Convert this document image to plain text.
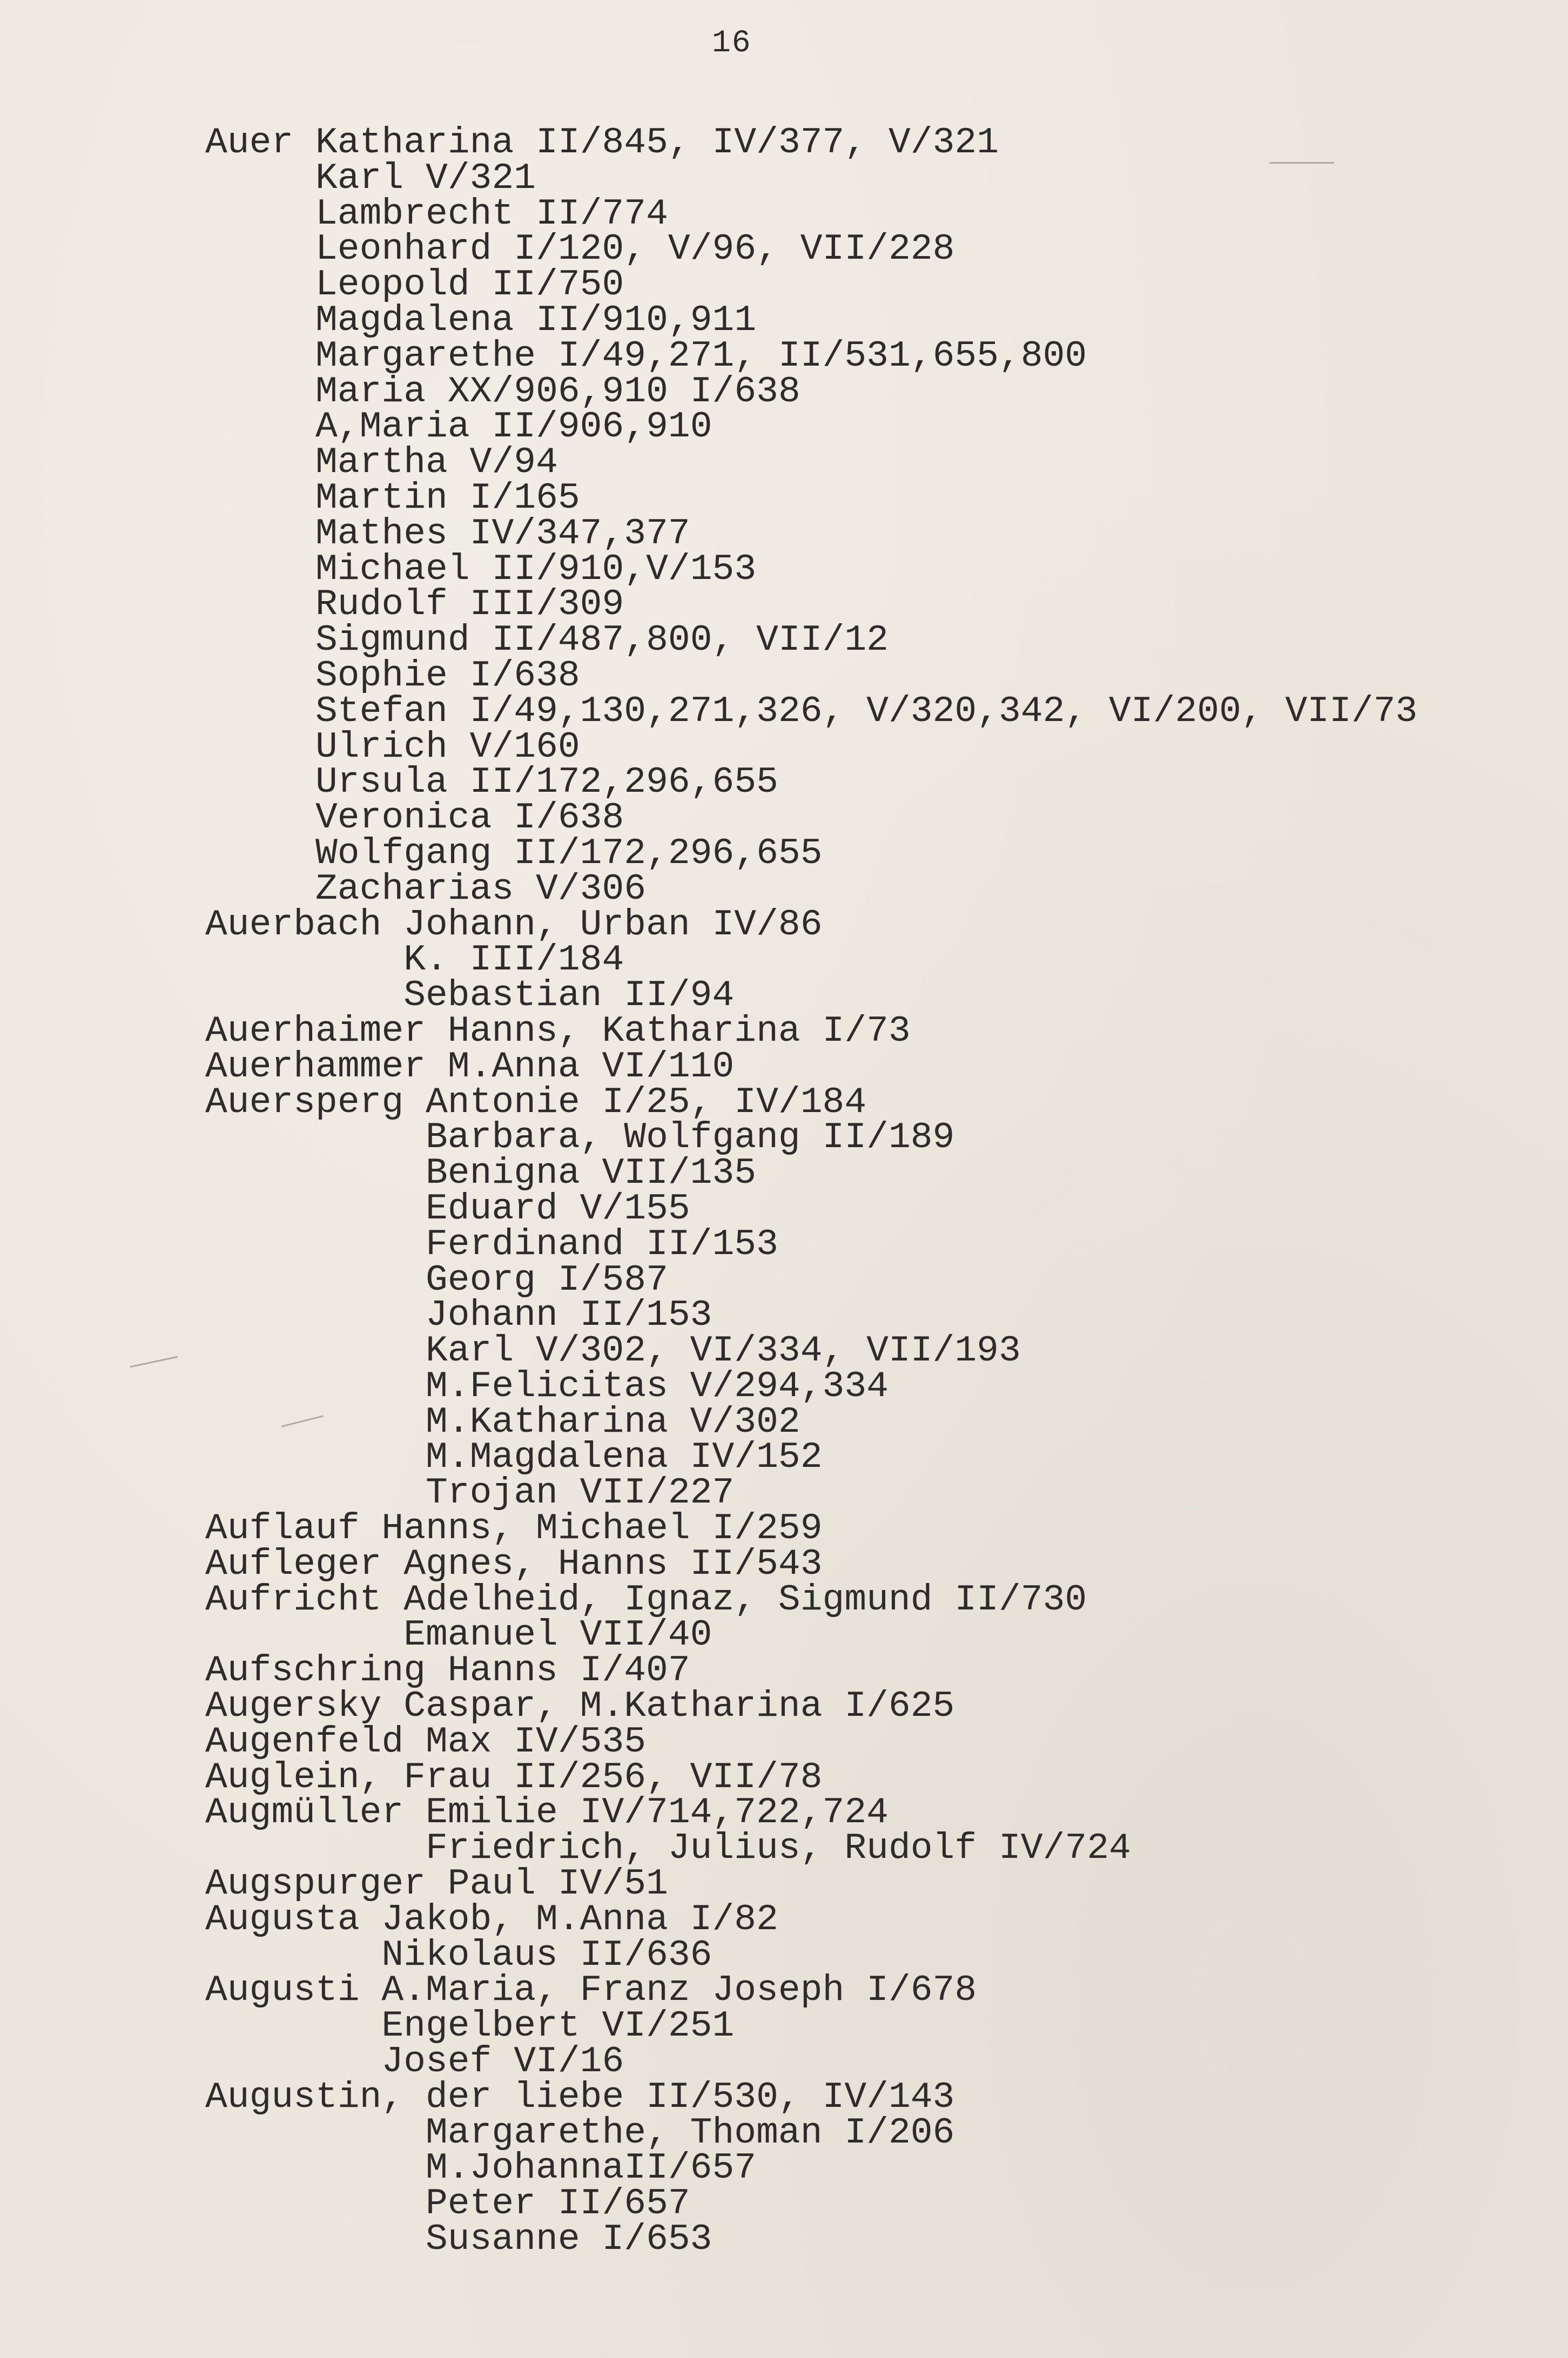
16
Auer Katharina II/845, IV/377, V/321
Karl V/321
Lambrecht II/774
Leonhard I/120, V/96, VII/228
Leopold II/750
Magdalena II/910,911
Margarethe I/49,271, II/531,655,800
Maria XX/906,910 I/638
A,Maria II/906,910
Martha V/94
Martin I/165
Mathes IV/347,377
Michael II/910,V/153
Rudolf III/309
Sigmund II/487,800, VII/12
Sophie I/638
Stefan I/49,130,271,326, V/320,342, VI/200, VII/73
Ulrich V/160
Ursula II/172,296,655
Veronica I/638
Wolfgang II/172,296,655
Zacharias V/306
Auerbach Johann, Urban IV/86
K. III/184
Sebastian II/94
Auerhaimer Hanns, Katharina I/73
Auerhammer M.Anna VI/110
Auersperg Antonie I/25, IV/184
Barbara, Wolfgang II/189
Benigna VII/135
Eduard V/155
Ferdinand II/153
Georg I/587
Johann II/153
Karl V/302, VI/334, VII/193
M.Felicitas V/294,334
M.Katharina V/302
M.Magdalena IV/152
Trojan VII/227
Auflauf Hanns, Michael I/259
Aufleger Agnes, Hanns II/543
Aufricht Adelheid, Ignaz, Sigmund II/730
Emanuel VII/40
Aufschring Hanns I/407
Augersky Caspar, M.Katharina I/625
Augenfeld Max IV/535
Auglein, Frau II/256, VII/78
Augmüller Emilie IV/714,722,724
Friedrich, Julius, Rudolf IV/724
Augspurger Paul IV/51
Augusta Jakob, M.Anna I/82
Nikolaus II/636
Augusti A.Maria, Franz Joseph I/678
Engelbert VI/251
Josef VI/16
Augustin, der liebe II/530, IV/143
Margarethe, Thoman I/206
M.JohannaII/657
Peter II/657
Susanne I/653
